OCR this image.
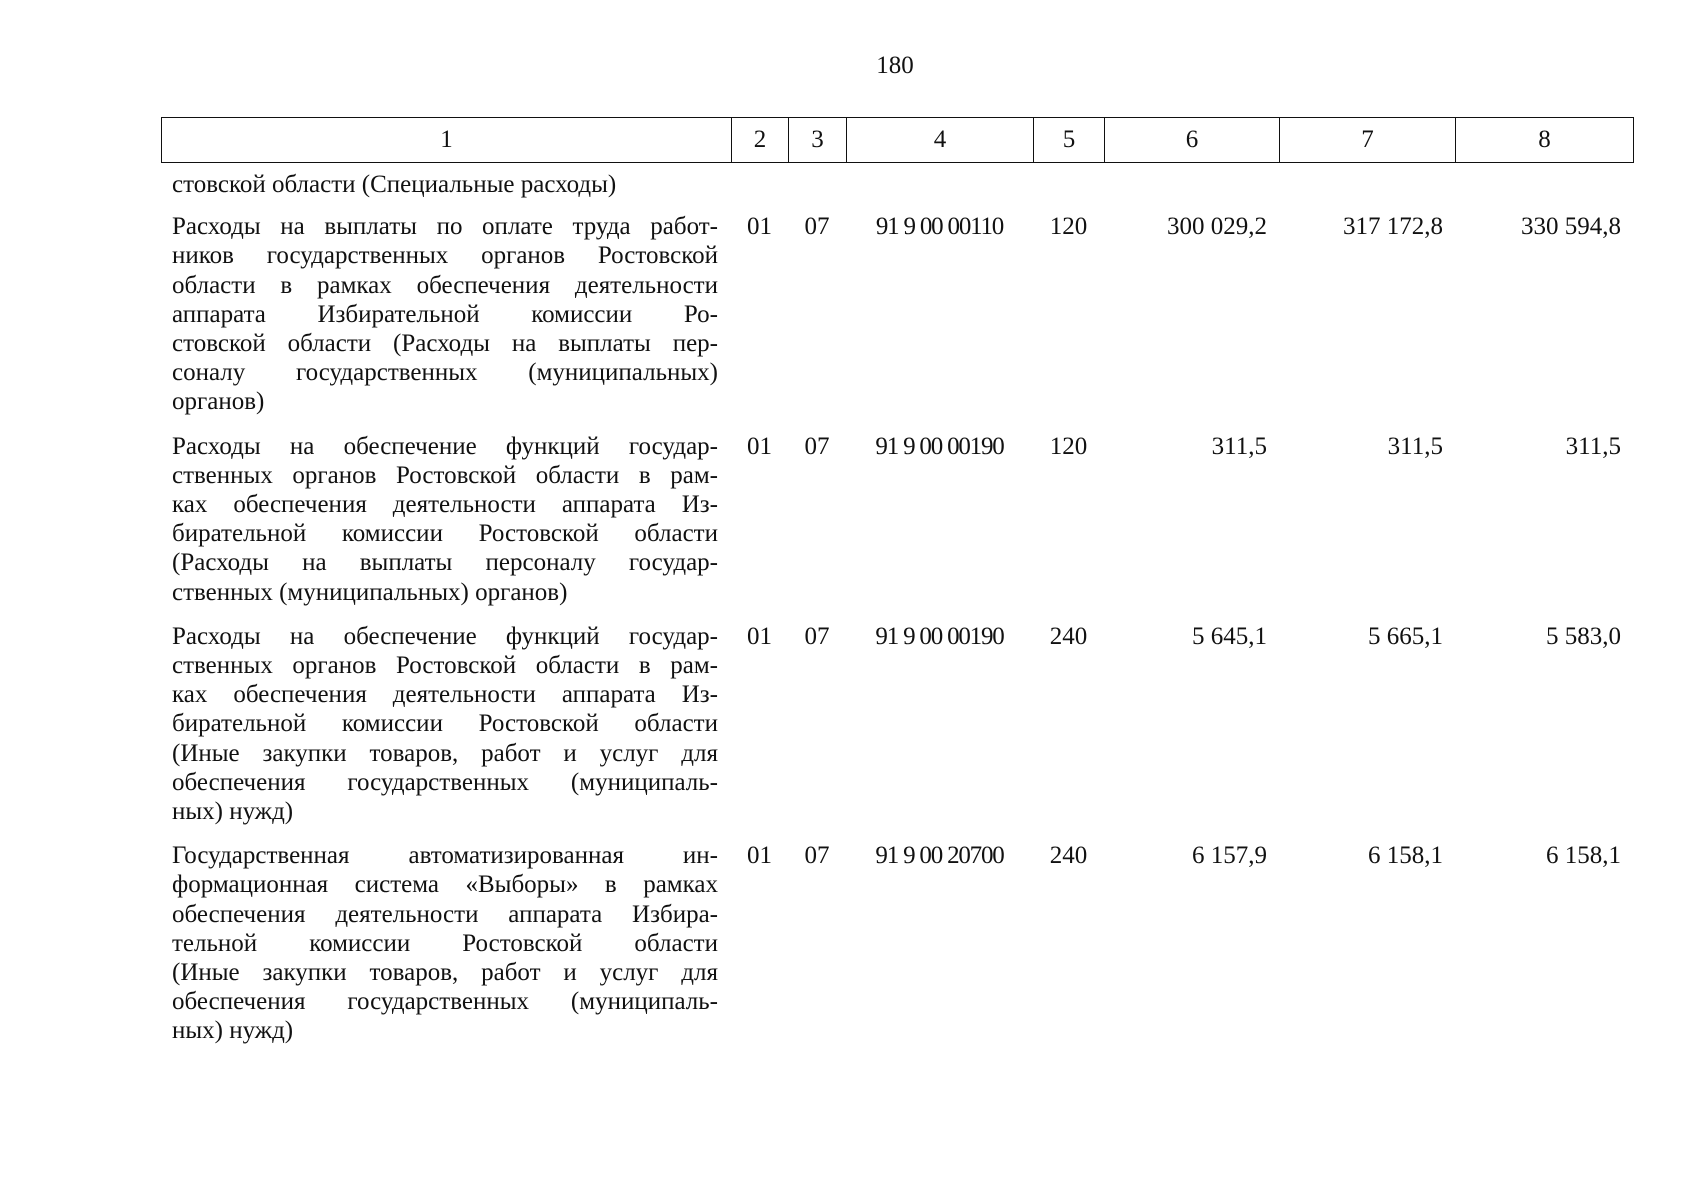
180
1	2	3	4	5	6	7	8
стовской области (Специальные расходы)
Расходы на выплаты по оплате труда работ-
ников государственных органов Ростовской
области в рамках обеспечения деятельности
аппарата Избирательной комиссии Ро-
стовской области (Расходы на выплаты пер-
соналу государственных (муниципальных)
органов)
01	07	91 9 00 00110	120	300 029,2	317 172,8	330 594,8
Расходы на обеспечение функций государ-
ственных органов Ростовской области в рам-
ках обеспечения деятельности аппарата Из-
бирательной комиссии Ростовской области
(Расходы на выплаты персоналу государ-
ственных (муниципальных) органов)
01	07	91 9 00 00190	120	311,5	311,5	311,5
Расходы на обеспечение функций государ-
ственных органов Ростовской области в рам-
ках обеспечения деятельности аппарата Из-
бирательной комиссии Ростовской области
(Иные закупки товаров, работ и услуг для
обеспечения государственных (муниципаль-
ных) нужд)
01	07	91 9 00 00190	240	5 645,1	5 665,1	5 583,0
Государственная автоматизированная ин-
формационная система «Выборы» в рамках
обеспечения деятельности аппарата Избира-
тельной комиссии Ростовской области
(Иные закупки товаров, работ и услуг для
обеспечения государственных (муниципаль-
ных) нужд)
01	07	91 9 00 20700	240	6 157,9	6 158,1	6 158,1
